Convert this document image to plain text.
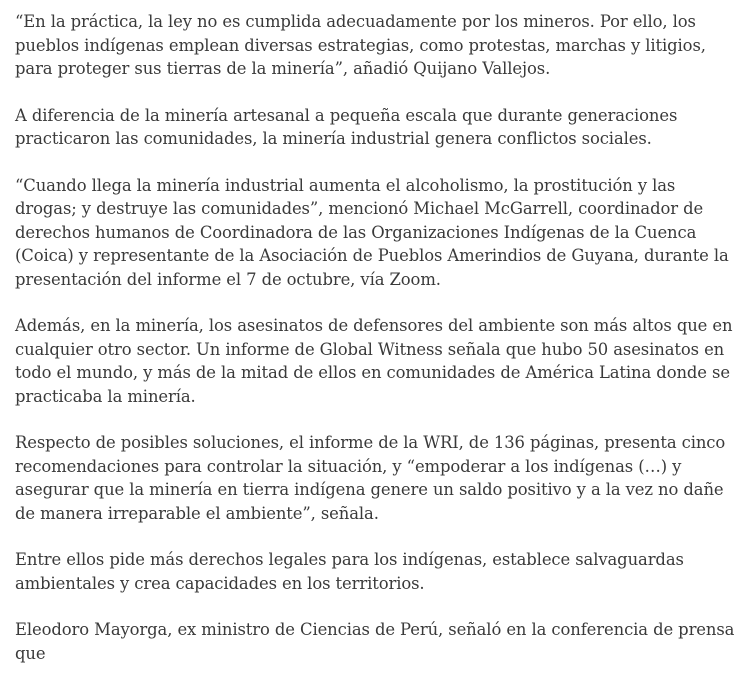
“En la práctica, la ley no es cumplida adecuadamente por los mineros. Por ello, los pueblos indígenas emplean diversas estrategias, como protestas, marchas y litigios, para proteger sus tierras de la minería”, añadió Quijano Vallejos.

A diferencia de la minería artesanal a pequeña escala que durante generaciones practicaron las comunidades, la minería industrial genera conflictos sociales.

“Cuando llega la minería industrial aumenta el alcoholismo, la prostitución y las drogas; y destruye las comunidades”, mencionó Michael McGarrell, coordinador de derechos humanos de Coordinadora de las Organizaciones Indígenas de la Cuenca (Coica) y representante de la Asociación de Pueblos Amerindios de Guyana, durante la presentación del informe el 7 de octubre, vía Zoom.

Además, en la minería, los asesinatos de defensores del ambiente son más altos que en cualquier otro sector. Un informe de Global Witness señala que hubo 50 asesinatos en todo el mundo, y más de la mitad de ellos en comunidades de América Latina donde se practicaba la minería.

Respecto de posibles soluciones, el informe de la WRI, de 136 páginas, presenta cinco recomendaciones para controlar la situación, y “empoderar a los indígenas (…) y asegurar que la minería en tierra indígena genere un saldo positivo y a la vez no dañe de manera irreparable el ambiente”, señala.

Entre ellos pide más derechos legales para los indígenas, establece salvaguardas ambientales y crea capacidades en los territorios.

Eleodoro Mayorga, ex ministro de Ciencias de Perú, señaló en la conferencia de prensa que
